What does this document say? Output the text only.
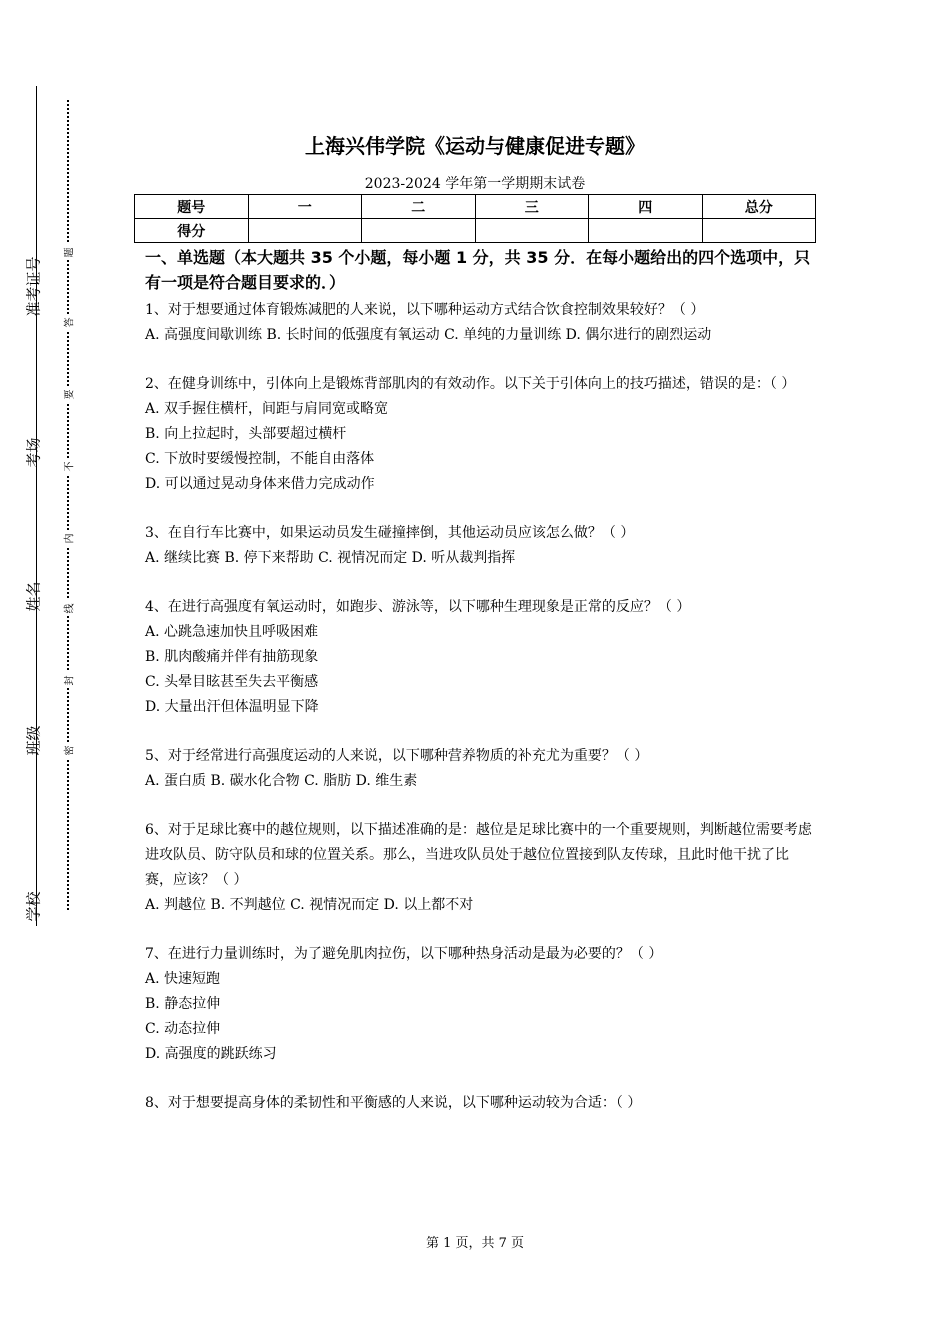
准考证号
考场
姓名
班级
学校
题
答
要
不
内
线
封
密
上海兴伟学院《运动与健康促进专题》
2023-2024 学年第一学期期末试卷
题号	一	二	三	四	总分
得分					

一、单选题（本大题共 35 个小题，每小题 1 分，共 35 分．在每小题给出的四个选项中，只有一项是符合题目要求的．）

1、对于想要通过体育锻炼减肥的人来说，以下哪种运动方式结合饮食控制效果较好？（ ）

A. 高强度间歇训练 B. 长时间的低强度有氧运动 C. 单纯的力量训练 D. 偶尔进行的剧烈运动

2、在健身训练中，引体向上是锻炼背部肌肉的有效动作。以下关于引体向上的技巧描述，错误的是：（ ）

A. 双手握住横杆，间距与肩同宽或略宽

B. 向上拉起时，头部要超过横杆

C. 下放时要缓慢控制，不能自由落体

D. 可以通过晃动身体来借力完成动作

3、在自行车比赛中，如果运动员发生碰撞摔倒，其他运动员应该怎么做？（ ）

A. 继续比赛 B. 停下来帮助 C. 视情况而定 D. 听从裁判指挥

4、在进行高强度有氧运动时，如跑步、游泳等，以下哪种生理现象是正常的反应？（ ）

A. 心跳急速加快且呼吸困难

B. 肌肉酸痛并伴有抽筋现象

C. 头晕目眩甚至失去平衡感

D. 大量出汗但体温明显下降

5、对于经常进行高强度运动的人来说，以下哪种营养物质的补充尤为重要？（ ）

A. 蛋白质 B. 碳水化合物 C. 脂肪 D. 维生素

6、对于足球比赛中的越位规则，以下描述准确的是：越位是足球比赛中的一个重要规则，判断越位需要考虑进攻队员、防守队员和球的位置关系。那么，当进攻队员处于越位位置接到队友传球，且此时他干扰了比赛，应该？（ ）

A. 判越位 B. 不判越位 C. 视情况而定 D. 以上都不对

7、在进行力量训练时，为了避免肌肉拉伤，以下哪种热身活动是最为必要的？（ ）

A. 快速短跑

B. 静态拉伸

C. 动态拉伸

D. 高强度的跳跃练习

8、对于想要提高身体的柔韧性和平衡感的人来说，以下哪种运动较为合适：（ ）

第 1 页，共 7 页
